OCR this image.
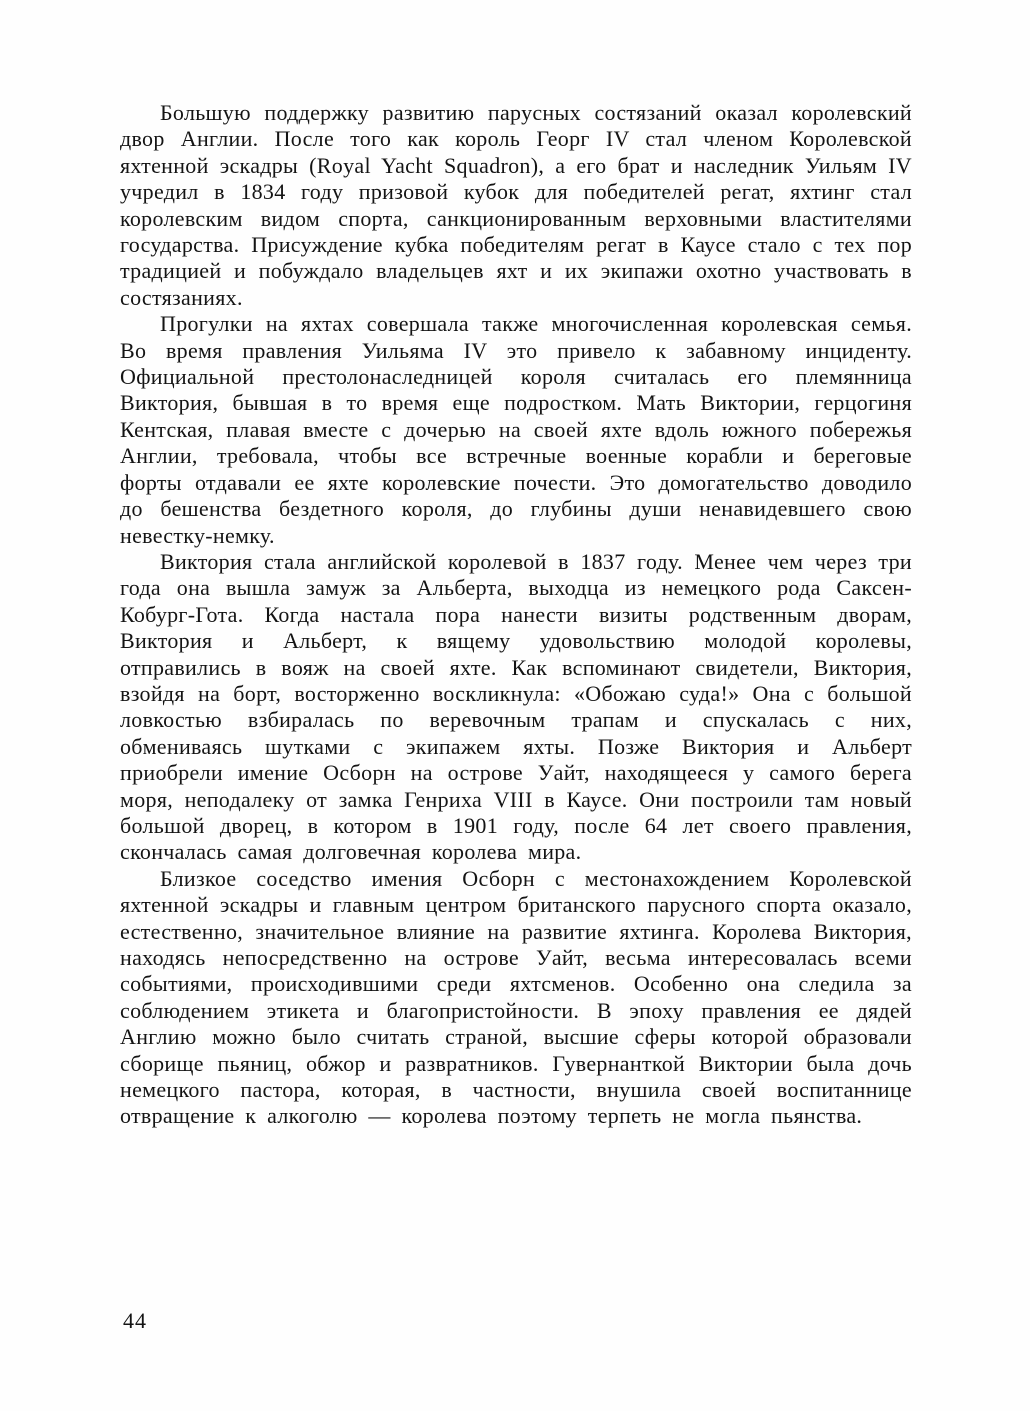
Большую поддержку развитию парусных состязаний оказал королевский двор Англии. После того как король Георг IV стал членом Королевской яхтенной эскадры (Royal Yacht Squadron), а его брат и наследник Уильям IV учредил в 1834 году призовой кубок для победителей регат, яхтинг стал королевским видом спорта, санкционированным верховными властителями государства. Присуждение кубка победителям регат в Каусе стало с тех пор традицией и побуждало владельцев яхт и их экипажи охотно участвовать в состязаниях.

Прогулки на яхтах совершала также многочисленная королевская семья. Во время правления Уильяма IV это привело к забавному инциденту. Официальной престолонаследницей короля считалась его племянница Виктория, бывшая в то время еще подростком. Мать Виктории, герцогиня Кентская, плавая вместе с дочерью на своей яхте вдоль южного побережья Англии, требовала, чтобы все встречные военные корабли и береговые форты отдавали ее яхте королевские почести. Это домогательство доводило до бешенства бездетного короля, до глубины души ненавидевшего свою невестку-немку.

Виктория стала английской королевой в 1837 году. Менее чем через три года она вышла замуж за Альберта, выходца из немецкого рода Саксен-Кобург-Гота. Когда настала пора нанести визиты родственным дворам, Виктория и Альберт, к вящему удовольствию молодой королевы, отправились в вояж на своей яхте. Как вспоминают свидетели, Виктория, взойдя на борт, восторженно воскликнула: «Обожаю суда!» Она с большой ловкостью взбиралась по веревочным трапам и спускалась с них, обмениваясь шутками с экипажем яхты. Позже Виктория и Альберт приобрели имение Осборн на острове Уайт, находящееся у самого берега моря, неподалеку от замка Генриха VIII в Каусе. Они построили там новый большой дворец, в котором в 1901 году, после 64 лет своего правления, скончалась самая долговечная королева мира.

Близкое соседство имения Осборн с местонахождением Королевской яхтенной эскадры и главным центром британского парусного спорта оказало, естественно, значительное влияние на развитие яхтинга. Королева Виктория, находясь непосредственно на острове Уайт, весьма интересовалась всеми событиями, происходившими среди яхтсменов. Особенно она следила за соблюдением этикета и благопристойности. В эпоху правления ее дядей Англию можно было считать страной, высшие сферы которой образовали сборище пьяниц, обжор и развратников. Гувернанткой Виктории была дочь немецкого пастора, которая, в частности, внушила своей воспитаннице отвращение к алкоголю — королева поэтому терпеть не могла пьянства.

44
